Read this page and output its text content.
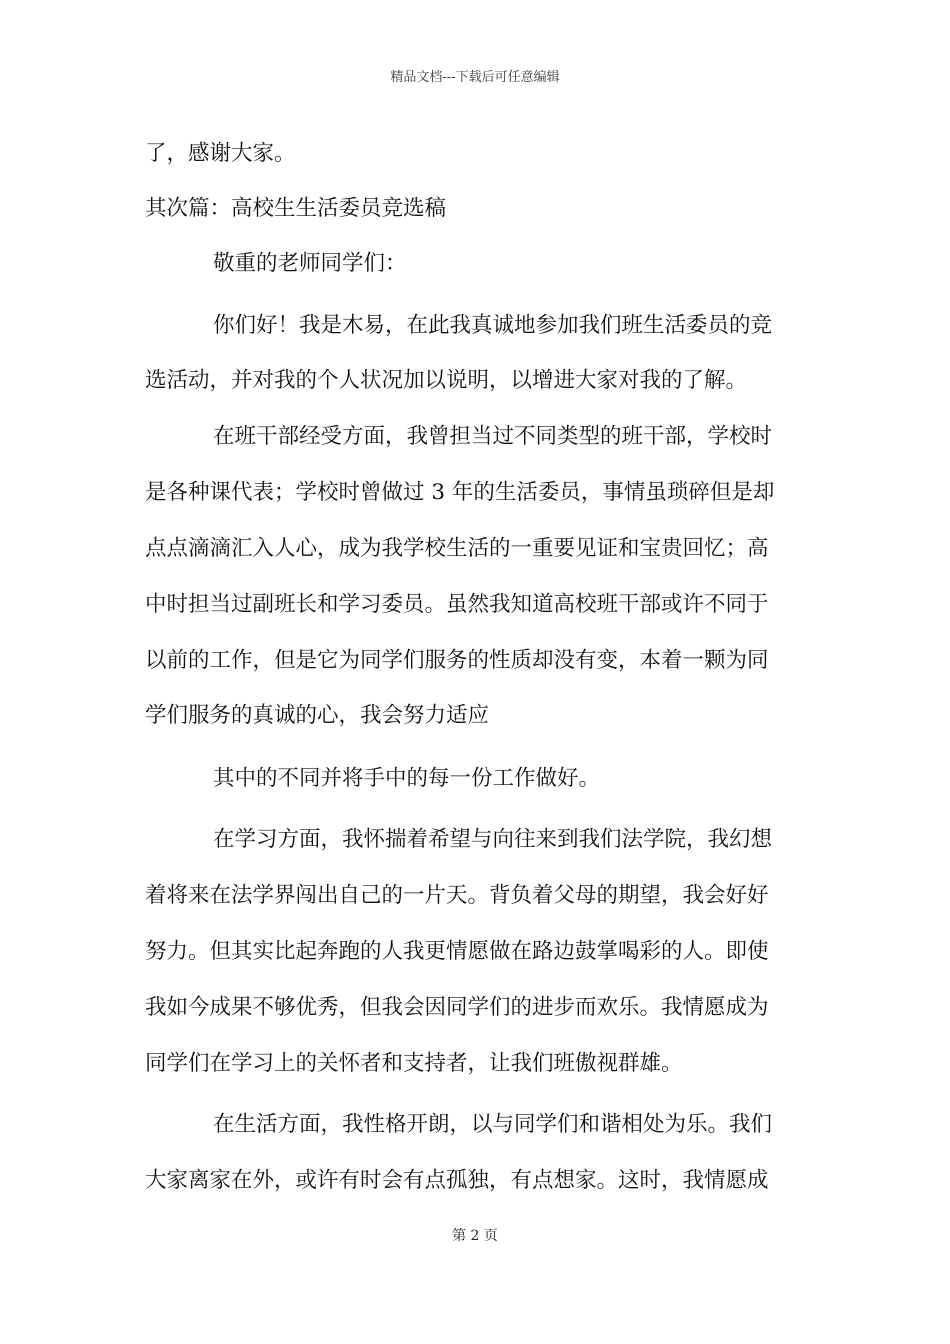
精品文档---下载后可任意编辑
了，感谢大家。
其次篇：高校生生活委员竞选稿
敬重的老师同学们：
你们好！我是木易，在此我真诚地参加我们班生活委员的竞
选活动，并对我的个人状况加以说明，以增进大家对我的了解。
在班干部经受方面，我曾担当过不同类型的班干部，学校时
是各种课代表；学校时曾做过 3 年的生活委员，事情虽琐碎但是却
点点滴滴汇入人心，成为我学校生活的一重要见证和宝贵回忆；高
中时担当过副班长和学习委员。虽然我知道高校班干部或许不同于
以前的工作，但是它为同学们服务的性质却没有变，本着一颗为同
学们服务的真诚的心，我会努力适应
其中的不同并将手中的每一份工作做好。
在学习方面，我怀揣着希望与向往来到我们法学院，我幻想
着将来在法学界闯出自己的一片天。背负着父母的期望，我会好好
努力。但其实比起奔跑的人我更情愿做在路边鼓掌喝彩的人。即使
我如今成果不够优秀，但我会因同学们的进步而欢乐。我情愿成为
同学们在学习上的关怀者和支持者，让我们班傲视群雄。
在生活方面，我性格开朗，以与同学们和谐相处为乐。我们
大家离家在外，或许有时会有点孤独，有点想家。这时，我情愿成
第 2 页
